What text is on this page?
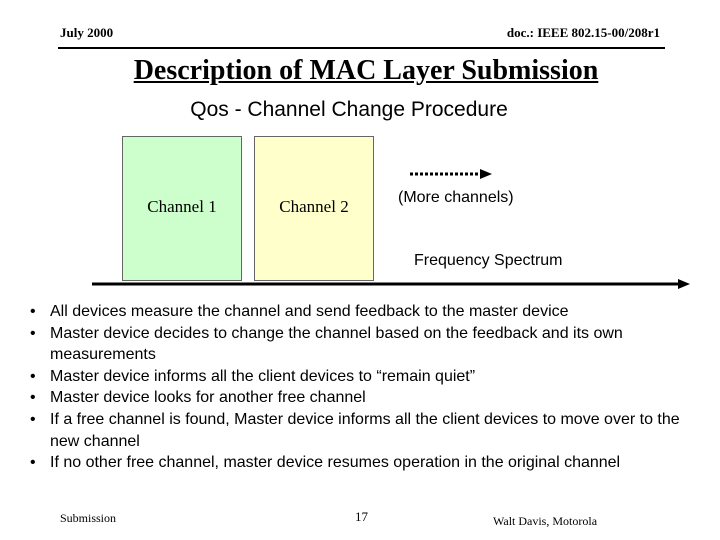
July 2000	doc.: IEEE 802.15-00/208r1
Description of MAC Layer Submission
Qos - Channel Change Procedure
Channel 1	Channel 2	(More channels)
Frequency Spectrum
• All devices measure the channel and send feedback to the master device
• Master device decides to change the channel based on the feedback and its own measurements
• Master device informs all the client devices to “remain quiet”
• Master device looks for another free channel
• If a free channel is found, Master device informs all the client devices to move over to the new channel
• If no other free channel, master device resumes operation in the original channel
Submission	17	Walt Davis, Motorola
